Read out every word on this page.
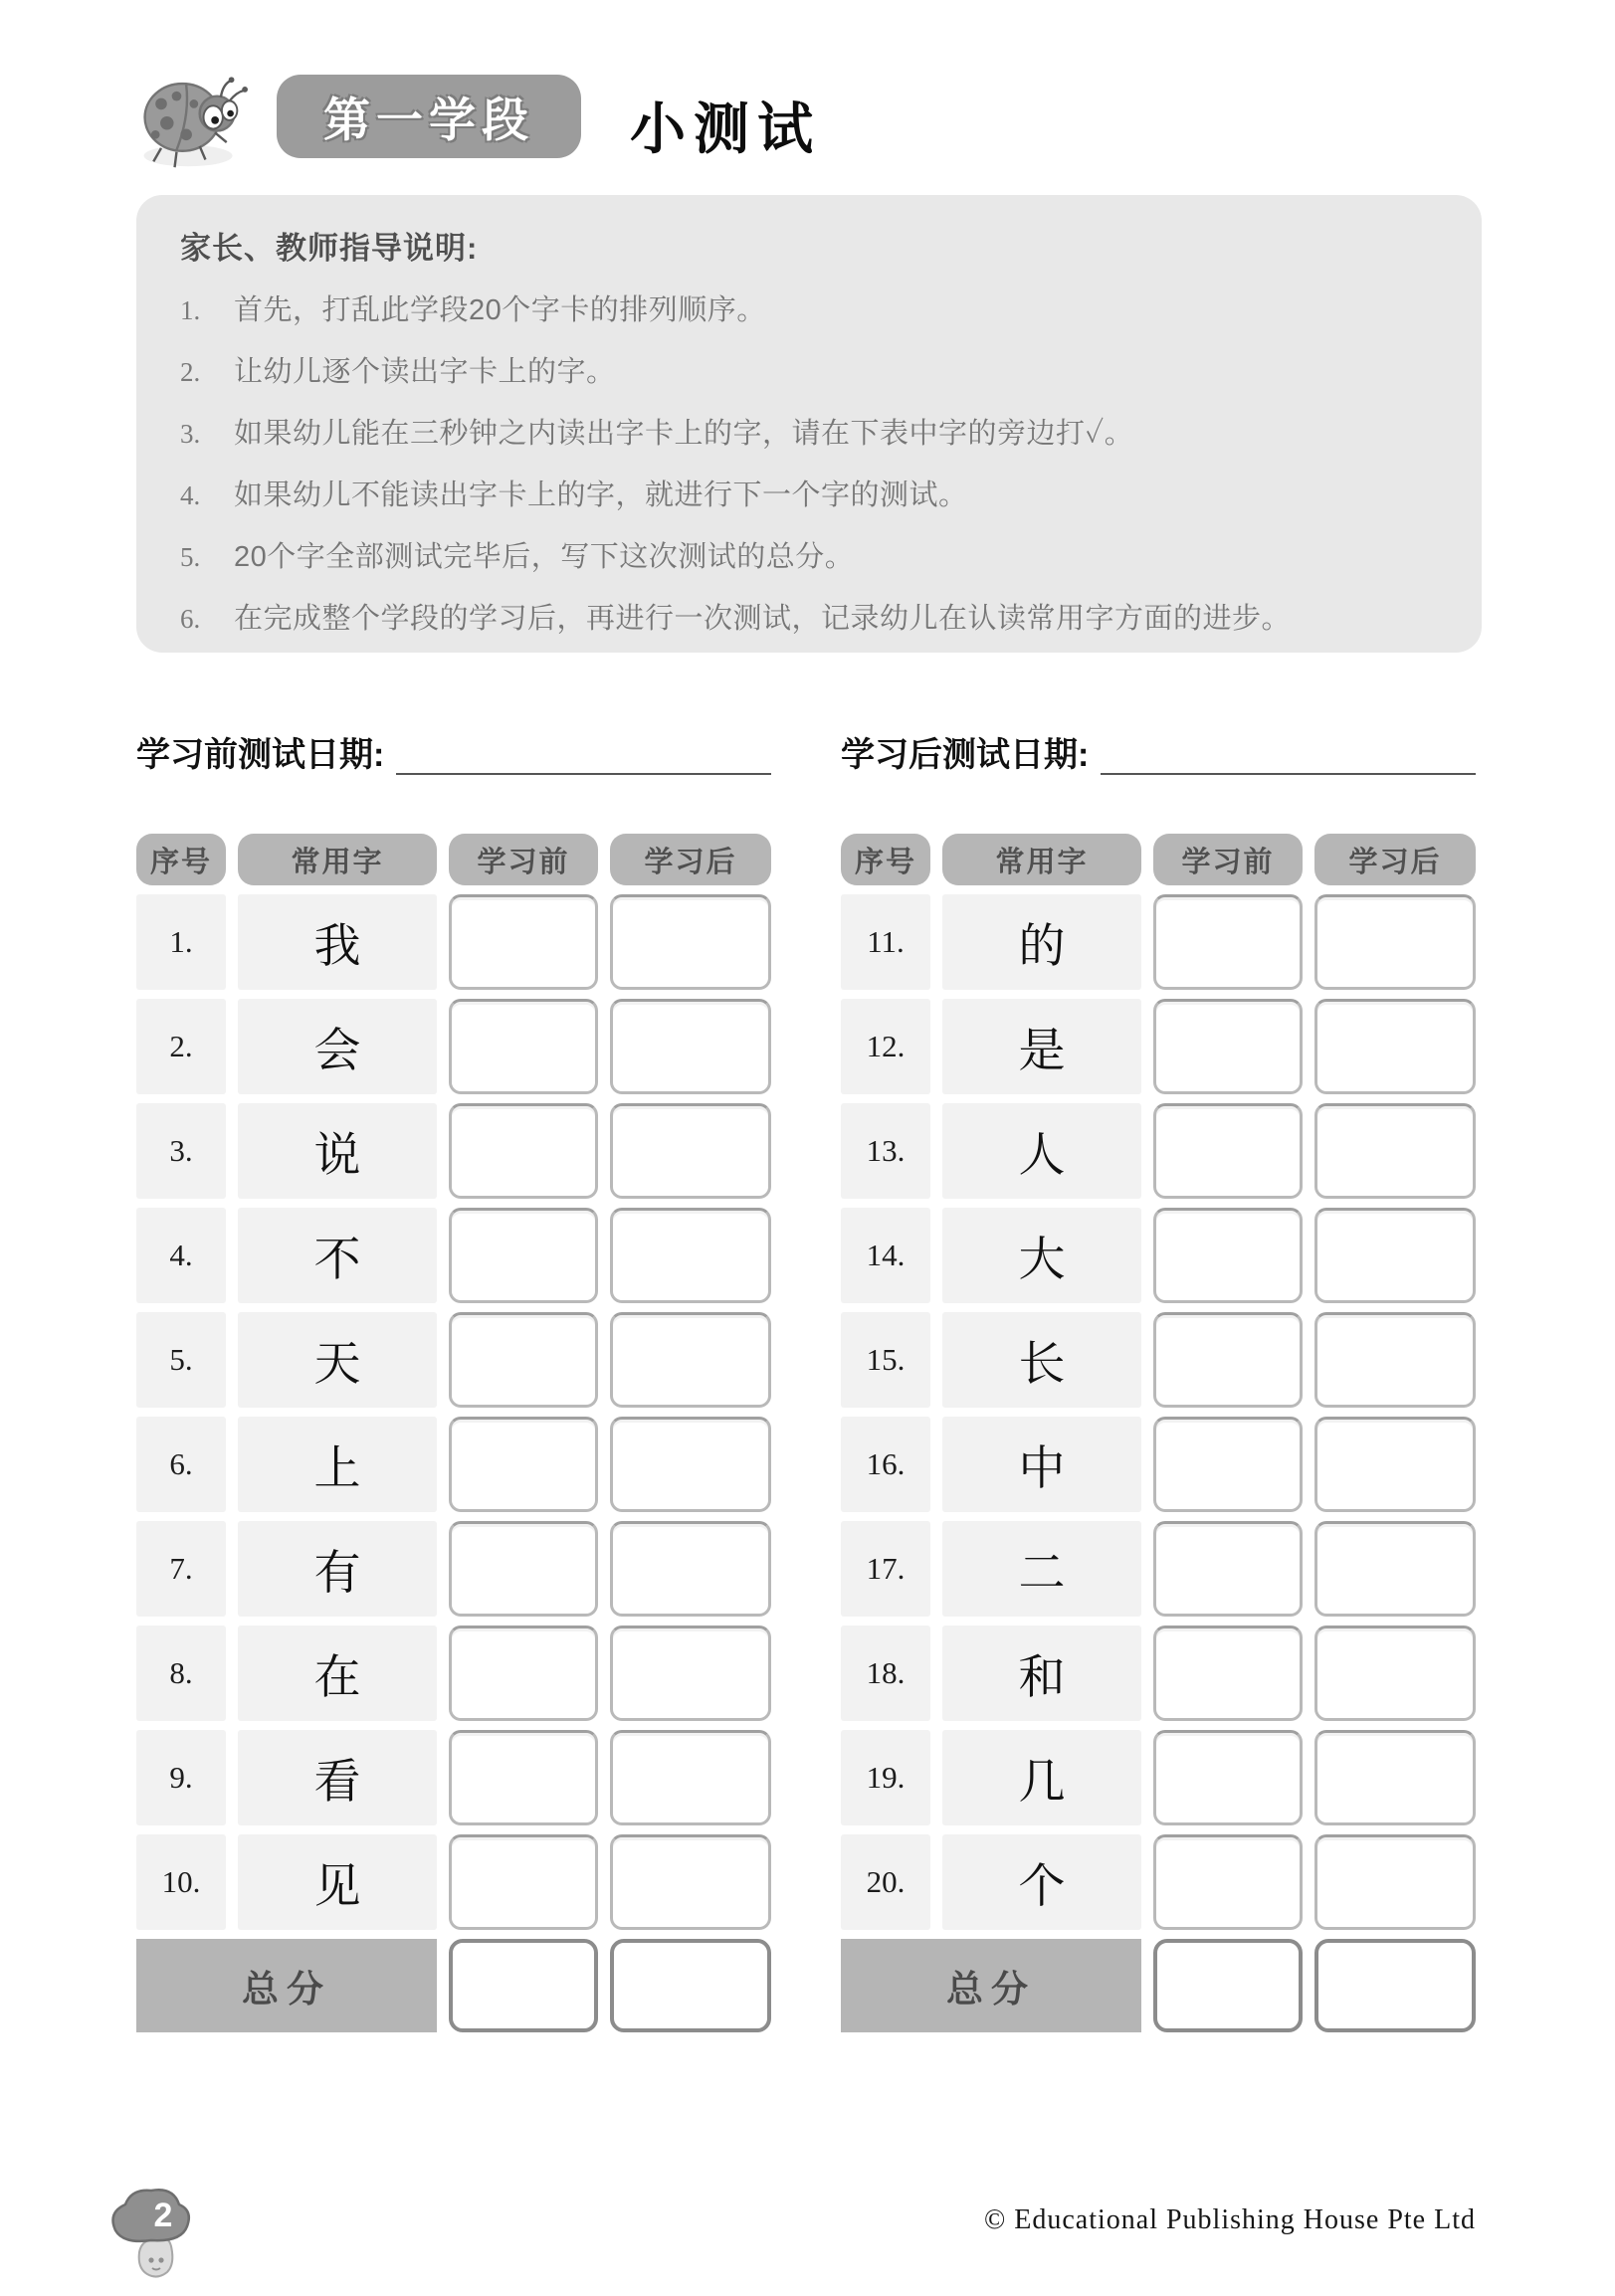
第一学段 小测试
家长、教师指导说明:
1.	首先，打乱此学段20个字卡的排列顺序。
2.	让幼儿逐个读出字卡上的字。
3.	如果幼儿能在三秒钟之内读出字卡上的字，请在下表中字的旁边打✓。
4.	如果幼儿不能读出字卡上的字，就进行下一个字的测试。
5.	20个字全部测试完毕后，写下这次测试的总分。
6.	在完成整个学段的学习后，再进行一次测试，记录幼儿在认读常用字方面的进步。
学习前测试日期:	学习后测试日期:
序号	常用字	学习前	学习后
1.	我
2.	会
3.	说
4.	不
5.	天
6.	上
7.	有
8.	在
9.	看
10.	见
总分
序号	常用字	学习前	学习后
11.	的
12.	是
13.	人
14.	大
15.	长
16.	中
17.	二
18.	和
19.	几
20.	个
总分
2	© Educational Publishing House Pte Ltd
